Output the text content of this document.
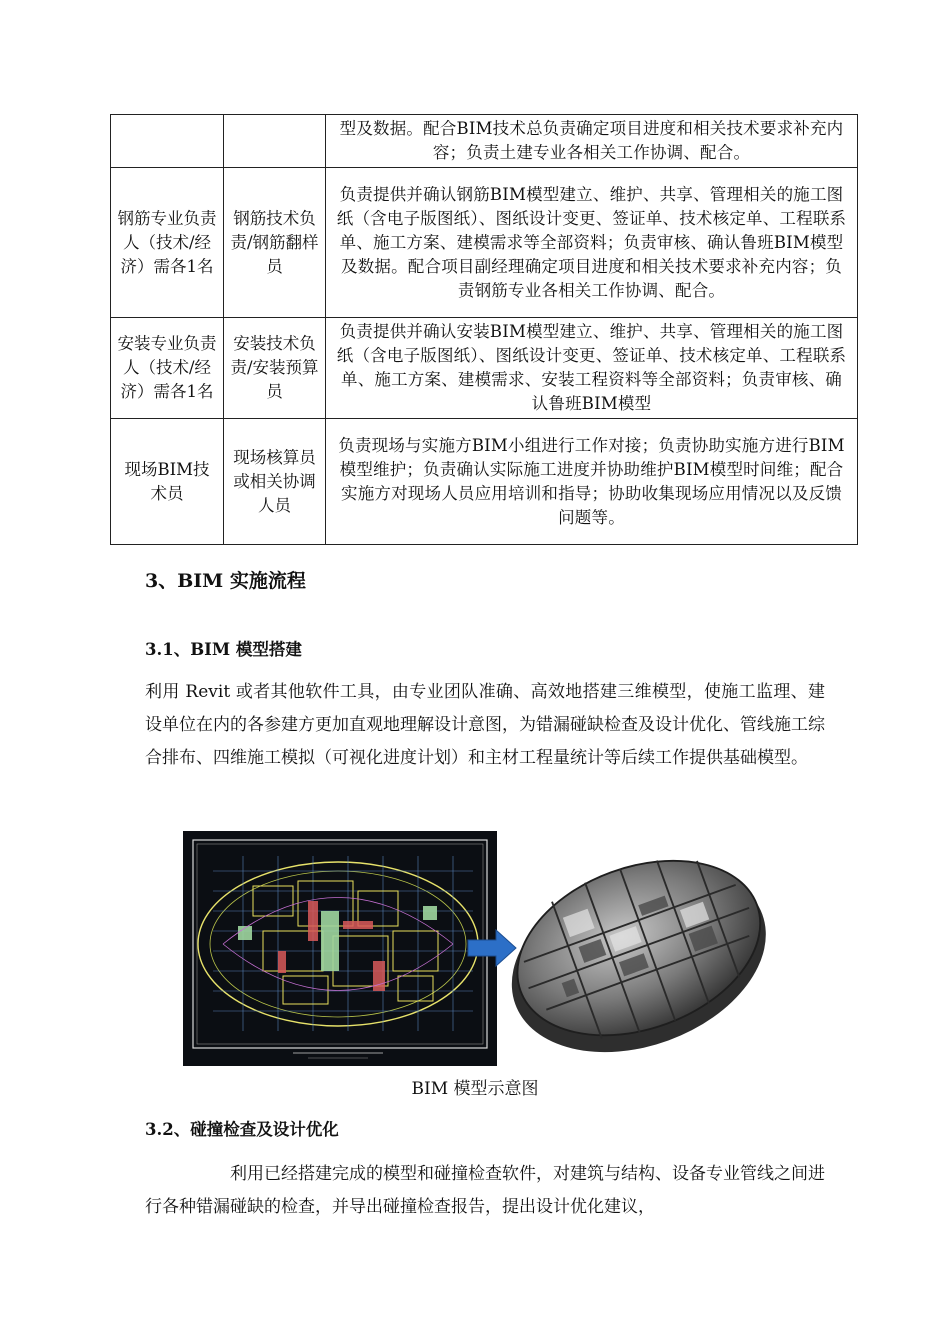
		型及数据。配合BIM技术总负责确定项目进度和相关技术要求补充内容；负责土建专业各相关工作协调、配合。
钢筋专业负责人（技术/经济）需各1名	钢筋技术负责/钢筋翻样员	负责提供并确认钢筋BIM模型建立、维护、共享、管理相关的施工图纸（含电子版图纸）、图纸设计变更、签证单、技术核定单、工程联系单、施工方案、建模需求等全部资料；负责审核、确认鲁班BIM模型及数据。配合项目副经理确定项目进度和相关技术要求补充内容；负责钢筋专业各相关工作协调、配合。
安装专业负责人（技术/经济）需各1名	安装技术负责/安装预算员	负责提供并确认安装BIM模型建立、维护、共享、管理相关的施工图纸（含电子版图纸）、图纸设计变更、签证单、技术核定单、工程联系单、施工方案、建模需求、安装工程资料等全部资料；负责审核、确认鲁班BIM模型
现场BIM技术员	现场核算员或相关协调人员	负责现场与实施方BIM小组进行工作对接；负责协助实施方进行BIM模型维护；负责确认实际施工进度并协助维护BIM模型时间维；配合实施方对现场人员应用培训和指导；协助收集现场应用情况以及反馈问题等。
3、BIM 实施流程
3.1、BIM 模型搭建
利用 Revit 或者其他软件工具，由专业团队准确、高效地搭建三维模型，使施工监理、建设单位在内的各参建方更加直观地理解设计意图，为错漏碰缺检查及设计优化、管线施工综合排布、四维施工模拟（可视化进度计划）和主材工程量统计等后续工作提供基础模型。
BIM 模型示意图
3.2、碰撞检查及设计优化
利用已经搭建完成的模型和碰撞检查软件，对建筑与结构、设备专业管线之间进行各种错漏碰缺的检查，并导出碰撞检查报告，提出设计优化建议，
